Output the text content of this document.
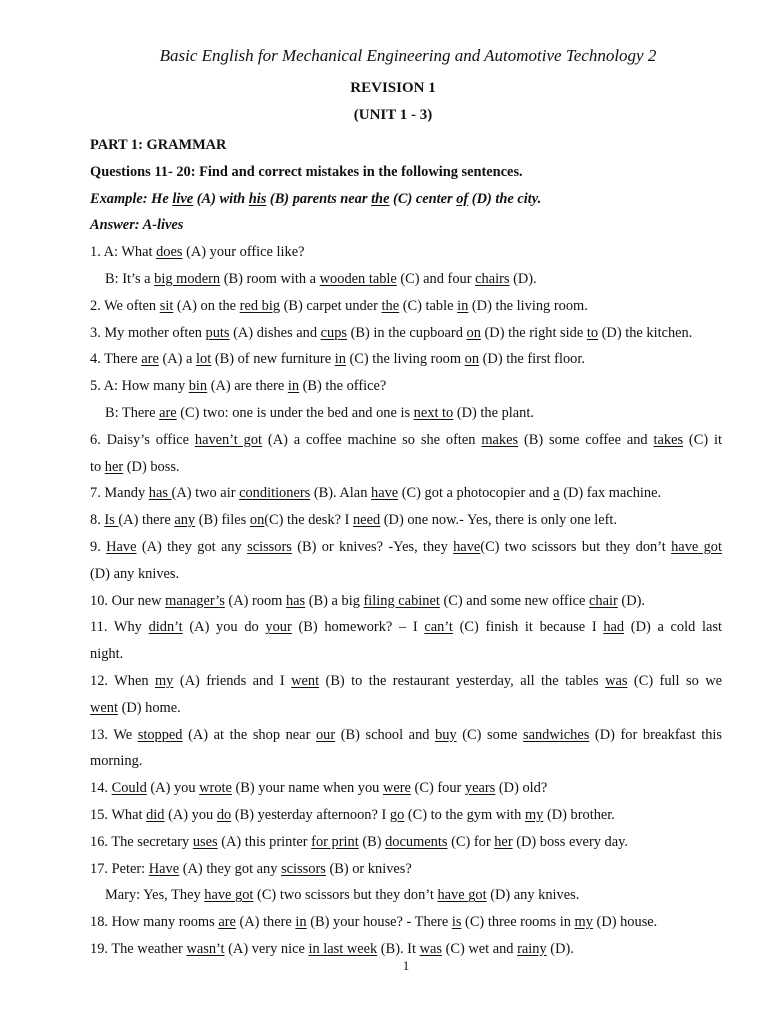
Basic English for Mechanical Engineering and Automotive Technology 2
REVISION 1
(UNIT 1 - 3)
PART 1: GRAMMAR
Questions 11- 20: Find and correct mistakes in the following sentences.
Example: He live (A) with his (B) parents near the (C) center of (D) the city.
Answer: A-lives
1. A: What does (A) your office like?
B: It’s a big modern (B) room with a wooden table (C) and four chairs (D).
2. We often sit (A) on the red big (B) carpet under the (C) table in (D) the living room.
3. My mother often puts (A) dishes and cups (B) in the cupboard on (D) the right side to (D) the kitchen.
4. There are (A) a lot (B) of new furniture in (C) the living room on (D) the first floor.
5. A: How many bin (A) are there in (B) the office?
B: There are (C) two: one is under the bed and one is next to (D) the plant.
6. Daisy’s office haven’t got (A) a coffee machine so she often makes (B) some coffee and takes (C) it
to her (D) boss.
7. Mandy has (A) two air conditioners (B). Alan have (C) got a photocopier and a (D) fax machine.
8. Is (A) there any (B) files on(C) the desk? I need (D) one now.- Yes, there is only one left.
9. Have (A) they got any scissors (B) or knives? -Yes, they have(C) two scissors but they don’t have got
(D) any knives.
10. Our new manager’s (A) room has (B) a big filing cabinet (C) and some new office chair (D).
11. Why didn’t (A) you do your (B) homework? – I can’t (C) finish it because I had (D) a cold last
night.
12. When my (A) friends and I went (B) to the restaurant yesterday, all the tables was (C) full so we
went (D) home.
13. We stopped (A) at the shop near our (B) school and buy (C) some sandwiches (D) for breakfast this
morning.
14. Could (A) you wrote (B) your name when you were (C) four years (D) old?
15. What did (A) you do (B) yesterday afternoon? I go (C) to the gym with my (D) brother.
16. The secretary uses (A) this printer for print (B) documents (C) for her (D) boss every day.
17. Peter: Have (A) they got any scissors (B) or knives?
Mary: Yes, They have got (C) two scissors but they don’t have got (D) any knives.
18. How many rooms are (A) there in (B) your house? - There is (C) three rooms in my (D) house.
19. The weather wasn’t (A) very nice in last week (B). It was (C) wet and rainy (D).
1
